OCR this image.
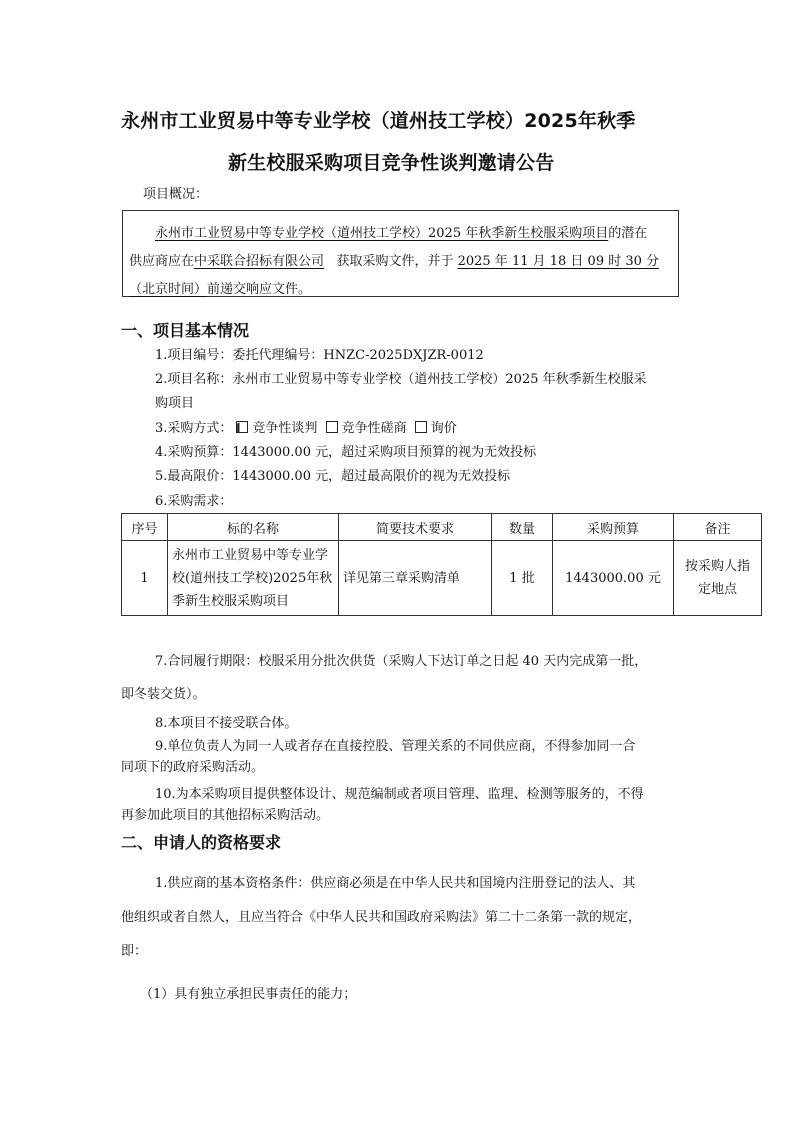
永州市工业贸易中等专业学校（道州技工学校）2025年秋季
新生校服采购项目竞争性谈判邀请公告
项目概况：
永州市工业贸易中等专业学校（道州技工学校）2025 年秋季新生校服采购项目的潜在
供应商应在中采联合招标有限公司 获取采购文件，并于 2025 年 11 月 18 日 09 时 30 分
（北京时间）前递交响应文件。
一、项目基本情况
1.项目编号：委托代理编号：HNZC-2025DXJZR-0012
2.项目名称：永州市工业贸易中等专业学校（道州技工学校）2025 年秋季新生校服采
购项目
3.采购方式： 竞争性谈判 竞争性磋商 询价
4.采购预算：1443000.00 元，超过采购项目预算的视为无效投标
5.最高限价：1443000.00 元，超过最高限价的视为无效投标
6.采购需求：
序号	标的名称	简要技术要求	数量	采购预算	备注
1	永州市工业贸易中等专业学校(道州技工学校)2025年秋季新生校服采购项目	详见第三章采购清单	1 批	1443000.00 元	按采购人指定地点
7.合同履行期限：校服采用分批次供货（采购人下达订单之日起 40 天内完成第一批，
即冬装交货）。
8.本项目不接受联合体。
9.单位负责人为同一人或者存在直接控股、管理关系的不同供应商，不得参加同一合
同项下的政府采购活动。
10.为本采购项目提供整体设计、规范编制或者项目管理、监理、检测等服务的，不得
再参加此项目的其他招标采购活动。
二、申请人的资格要求
1.供应商的基本资格条件：供应商必须是在中华人民共和国境内注册登记的法人、其
他组织或者自然人，且应当符合《中华人民共和国政府采购法》第二十二条第一款的规定，
即：
（1）具有独立承担民事责任的能力；
